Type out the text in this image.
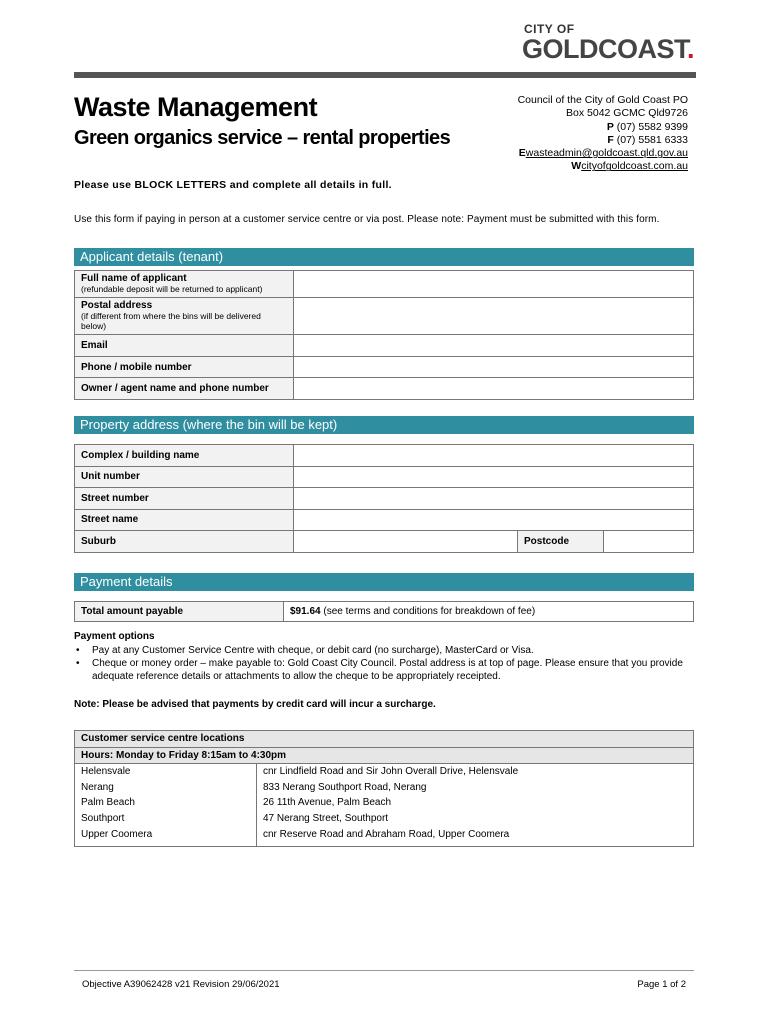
CITY OF
GOLDCOAST.
Waste Management
Green organics service – rental properties
Council of the City of Gold Coast PO
Box 5042 GCMC Qld9726
P (07) 5582 9399
F (07) 5581 6333
Ewasteadmin@goldcoast.qld.gov.au
Wcityofgoldcoast.com.au
Please use BLOCK LETTERS and complete all details in full.
Use this form if paying in person at a customer service centre or via post. Please note: Payment must be submitted with this form.
Applicant details (tenant)
Full name of applicant
(refundable deposit will be returned to applicant)	

Postal address
(if different from where the bins will be delivered below)	

Email	
Phone / mobile number	
Owner / agent name and phone number	
Property address (where the bin will be kept)
Complex / building name			
Unit number			
Street number			
Street name			
Suburb		Postcode	
Payment details
Total amount payable	$91.64 (see terms and conditions for breakdown of fee)
Payment options
• Pay at any Customer Service Centre with cheque, or debit card (no surcharge), MasterCard or Visa.
• Cheque or money order – make payable to: Gold Coast City Council. Postal address is at top of page. Please ensure that you provide adequate reference details or attachments to allow the cheque to be appropriately receipted.
Note: Please be advised that payments by credit card will incur a surcharge.
Customer service centre locations	
Hours: Monday to Friday 8:15am to 4:30pm	
Helensvale	cnr Lindfield Road and Sir John Overall Drive, Helensvale
Nerang	833 Nerang Southport Road, Nerang
Palm Beach	26 11th Avenue, Palm Beach
Southport	47 Nerang Street, Southport
Upper Coomera	cnr Reserve Road and Abraham Road, Upper Coomera
Objective A39062428 v21 Revision 29/06/2021	Page 1 of 2
